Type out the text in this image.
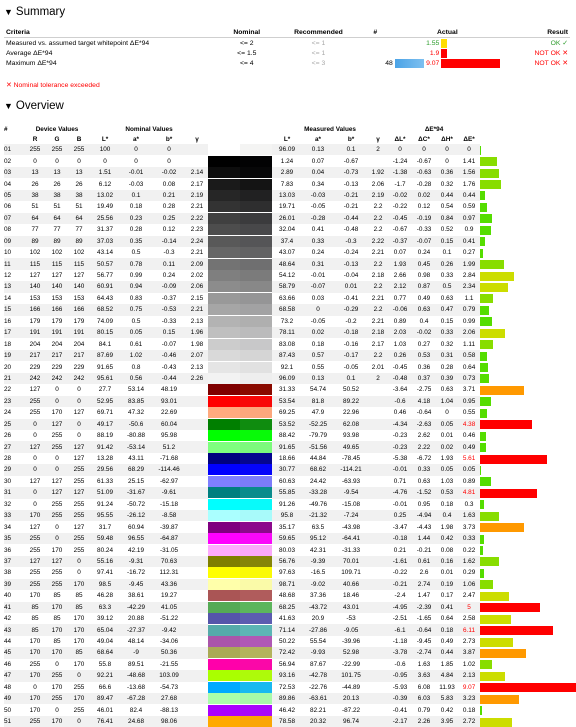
▼ Summary
Criteria	Nominal	Recommended	#	Actual			Result
Measured vs. assumed target whitepoint ΔE*94	<= 2	<= 1			1.55		OK ✓
Average ΔE*94	<= 1.5	<= 1			1.9		NOT OK ✕
Maximum ΔE*94	<= 4	<= 3	48		9.07		NOT OK ✕
✕ Nominal tolerance exceeded
▼ Overview
#	Device Values			Nominal Values						Measured Values				ΔE*94				
	R	G	B	L*	a*	b*	γ			L*	a*	b*	γ	ΔL*	ΔC*	ΔH*	ΔE*	
01	255	255	255	100	0	0				96.09	0.13	0.1	2	0	0	0	0	

02	0	0	0	0	0	0				1.24	0.07	-0.67		-1.24	-0.67	0	1.41	

03	13	13	13	1.51	-0.01	-0.02	2.14			2.89	0.04	-0.73	1.92	-1.38	-0.63	0.36	1.56	

04	26	26	26	6.12	-0.03	0.08	2.17			7.83	0.34	-0.13	2.06	-1.7	-0.28	0.32	1.76	

05	38	38	38	13.02	0.1	0.21	2.19			13.03	-0.03	-0.21	2.19	-0.02	0.02	0.44	0.44	

06	51	51	51	19.49	0.18	0.28	2.21			19.71	-0.05	-0.21	2.2	-0.22	0.12	0.54	0.59	

07	64	64	64	25.56	0.23	0.25	2.22			26.01	-0.28	-0.44	2.2	-0.45	-0.19	0.84	0.97	

08	77	77	77	31.37	0.28	0.12	2.23			32.04	0.41	-0.48	2.2	-0.67	-0.33	0.52	0.9	

09	89	89	89	37.03	0.35	-0.14	2.24			37.4	0.33	-0.3	2.22	-0.37	-0.07	0.15	0.41	

10	102	102	102	43.14	0.5	-0.3	2.21			43.07	0.24	-0.24	2.21	0.07	0.24	0.1	0.27	

11	115	115	115	50.57	0.78	0.11	2.09			48.64	0.31	-0.13	2.2	1.93	0.45	0.26	1.99	

12	127	127	127	56.77	0.99	0.24	2.02			54.12	-0.01	-0.04	2.18	2.66	0.98	0.33	2.84	

13	140	140	140	60.91	0.94	-0.09	2.06			58.79	-0.07	0.01	2.2	2.12	0.87	0.5	2.34	

14	153	153	153	64.43	0.83	-0.37	2.15			63.66	0.03	-0.41	2.21	0.77	0.49	0.63	1.1	

15	166	166	166	68.52	0.75	-0.53	2.21			68.58	0	-0.29	2.2	-0.06	0.63	0.47	0.79	

16	179	179	179	74.09	0.5	-0.33	2.13			73.2	-0.05	-0.2	2.21	0.89	0.4	0.15	0.99	

17	191	191	191	80.15	0.05	0.15	1.96			78.11	0.02	-0.18	2.18	2.03	-0.02	0.33	2.06	

18	204	204	204	84.1	0.61	-0.07	1.98			83.08	0.18	-0.16	2.17	1.03	0.27	0.32	1.11	

19	217	217	217	87.69	1.02	-0.46	2.07			87.43	0.57	-0.17	2.2	0.26	0.53	0.31	0.58	

20	229	229	229	91.65	0.8	-0.43	2.13			92.1	0.55	-0.05	2.01	-0.45	0.36	0.28	0.64	

21	242	242	242	95.61	0.56	-0.44	2.26			96.09	0.13	0.1	2	-0.48	0.37	0.39	0.73	

22	127	0	0	27.7	53.14	48.19				31.33	54.74	50.52		-3.64	-2.75	0.63	3.71	

23	255	0	0	52.95	83.85	93.01				53.54	81.8	89.22		-0.6	4.18	1.04	0.95	

24	255	170	127	69.71	47.32	22.69				69.25	47.9	22.96		0.46	-0.64	0	0.55	

25	0	127	0	49.17	-50.6	60.04				53.52	-52.25	62.08		-4.34	-2.63	0.05	4.38	

26	0	255	0	88.19	-80.88	95.98				88.42	-79.79	93.98		-0.23	2.62	0.01	0.46	

27	127	255	127	91.42	-53.14	51.2				91.65	-51.56	49.65		-0.23	2.22	0.02	0.49	

28	0	0	127	13.28	43.11	-71.68				18.66	44.84	-78.45		-5.38	-6.72	1.93	5.61	

29	0	0	255	29.56	68.29	-114.46				30.77	68.62	-114.21		-0.01	0.33	0.05	0.05	

30	127	127	255	61.33	25.15	-62.97				60.63	24.42	-63.93		0.71	0.63	1.03	0.89	

31	0	127	127	51.09	-31.67	-9.61				55.85	-33.28	-9.54		-4.76	-1.52	0.53	4.81	

32	0	255	255	91.24	-50.72	-15.18				91.26	-49.76	-15.08		-0.01	0.95	0.18	0.3	

33	170	255	255	95.55	-26.12	-8.58				95.8	-21.32	-7.24		0.25	-4.94	0.4	1.63	

34	127	0	127	31.7	60.94	-39.87				35.17	63.5	-43.98		-3.47	-4.43	1.98	3.73	

35	255	0	255	59.48	96.55	-64.87				59.65	95.12	-64.41		-0.18	1.44	0.42	0.33	

36	255	170	255	80.24	42.19	-31.05				80.03	42.31	-31.33		0.21	-0.21	0.08	0.22	

37	127	127	0	55.16	-9.31	70.63				56.76	-9.39	70.01		-1.61	0.61	0.16	1.62	

38	255	255	0	97.41	-16.72	112.31				97.63	-16.5	109.71		-0.22	2.6	0.01	0.29	

39	255	255	170	98.5	-9.45	43.36				98.71	-9.02	40.66		-0.21	2.74	0.19	1.06	

40	170	85	85	46.28	38.61	19.27				48.68	37.36	18.46		-2.4	1.47	0.17	2.47	

41	85	170	85	63.3	-42.29	41.05				68.25	-43.72	43.01		-4.95	-2.39	0.41	5	

42	85	85	170	39.12	20.88	-51.22				41.63	20.9	-53		-2.51	-1.65	0.64	2.58	

43	85	170	170	65.04	-27.37	-9.42				71.14	-27.86	-9.05		-6.1	-0.64	0.18	6.11	

44	170	85	170	49.04	48.14	-34.06				50.22	55.54	-39.96		-1.18	-9.45	0.49	2.73	

45	170	170	85	68.64	-9	50.36				72.42	-9.93	52.98		-3.78	-2.74	0.44	3.87	

46	255	0	170	55.8	89.51	-21.55				56.94	87.67	-22.99		-0.6	1.63	1.85	1.02	

47	170	255	0	92.21	-48.68	103.09				93.16	-42.78	101.75		-0.95	3.63	4.84	2.13	

48	0	170	255	66.6	-13.68	-54.73				72.53	-22.76	-44.89		-5.93	6.08	11.93	9.07	

49	170	255	170	89.47	-67.28	27.68				89.86	-63.61	20.13		-0.39	6.03	5.83	3.23	

50	170	0	255	46.01	82.4	-88.13				46.42	82.21	-87.22		-0.41	0.79	0.42	0.18	

51	255	170	0	76.41	24.68	98.06				78.58	20.32	96.74		-2.17	2.26	3.95	2.72	
